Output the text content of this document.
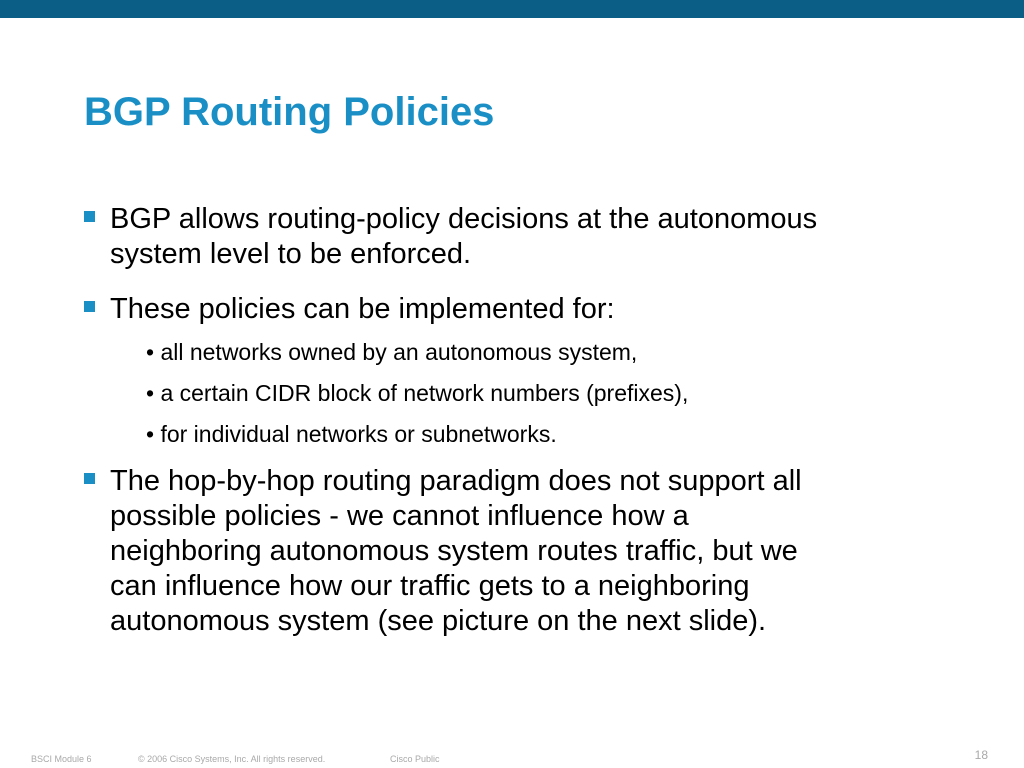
BGP Routing Policies
BGP allows routing-policy decisions at the autonomous
system level to be enforced.
These policies can be implemented for:
• all networks owned by an autonomous system,
• a certain CIDR block of network numbers (prefixes),
• for individual networks or subnetworks.
The hop-by-hop routing paradigm does not support all
possible policies - we cannot influence how a
neighboring autonomous system routes traffic, but we
can influence how our traffic gets to a neighboring
autonomous system (see picture on the next slide).
BSCI Module 6	© 2006 Cisco Systems, Inc. All rights reserved.	Cisco Public	18
